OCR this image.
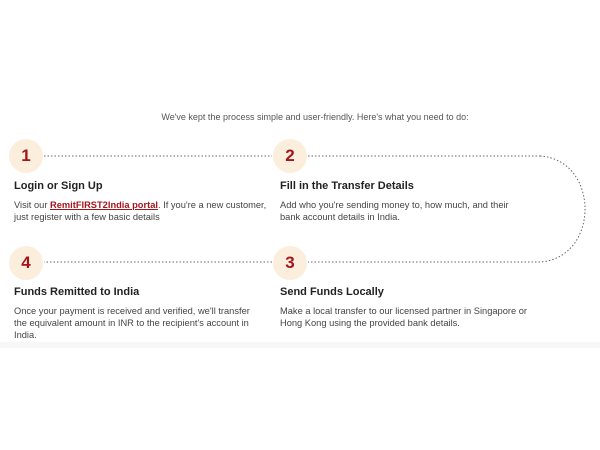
We've kept the process simple and user-friendly. Here's what you need to do:
1
Login or Sign Up
Visit our RemitFIRST2India portal. If you're a new customer, just register with a few basic details
2
Fill in the Transfer Details
Add who you're sending money to, how much, and their bank account details in India.
4
Funds Remitted to India
Once your payment is received and verified, we'll transfer the equivalent amount in INR to the recipient's account in India.
3
Send Funds Locally
Make a local transfer to our licensed partner in Singapore or Hong Kong using the provided bank details.
